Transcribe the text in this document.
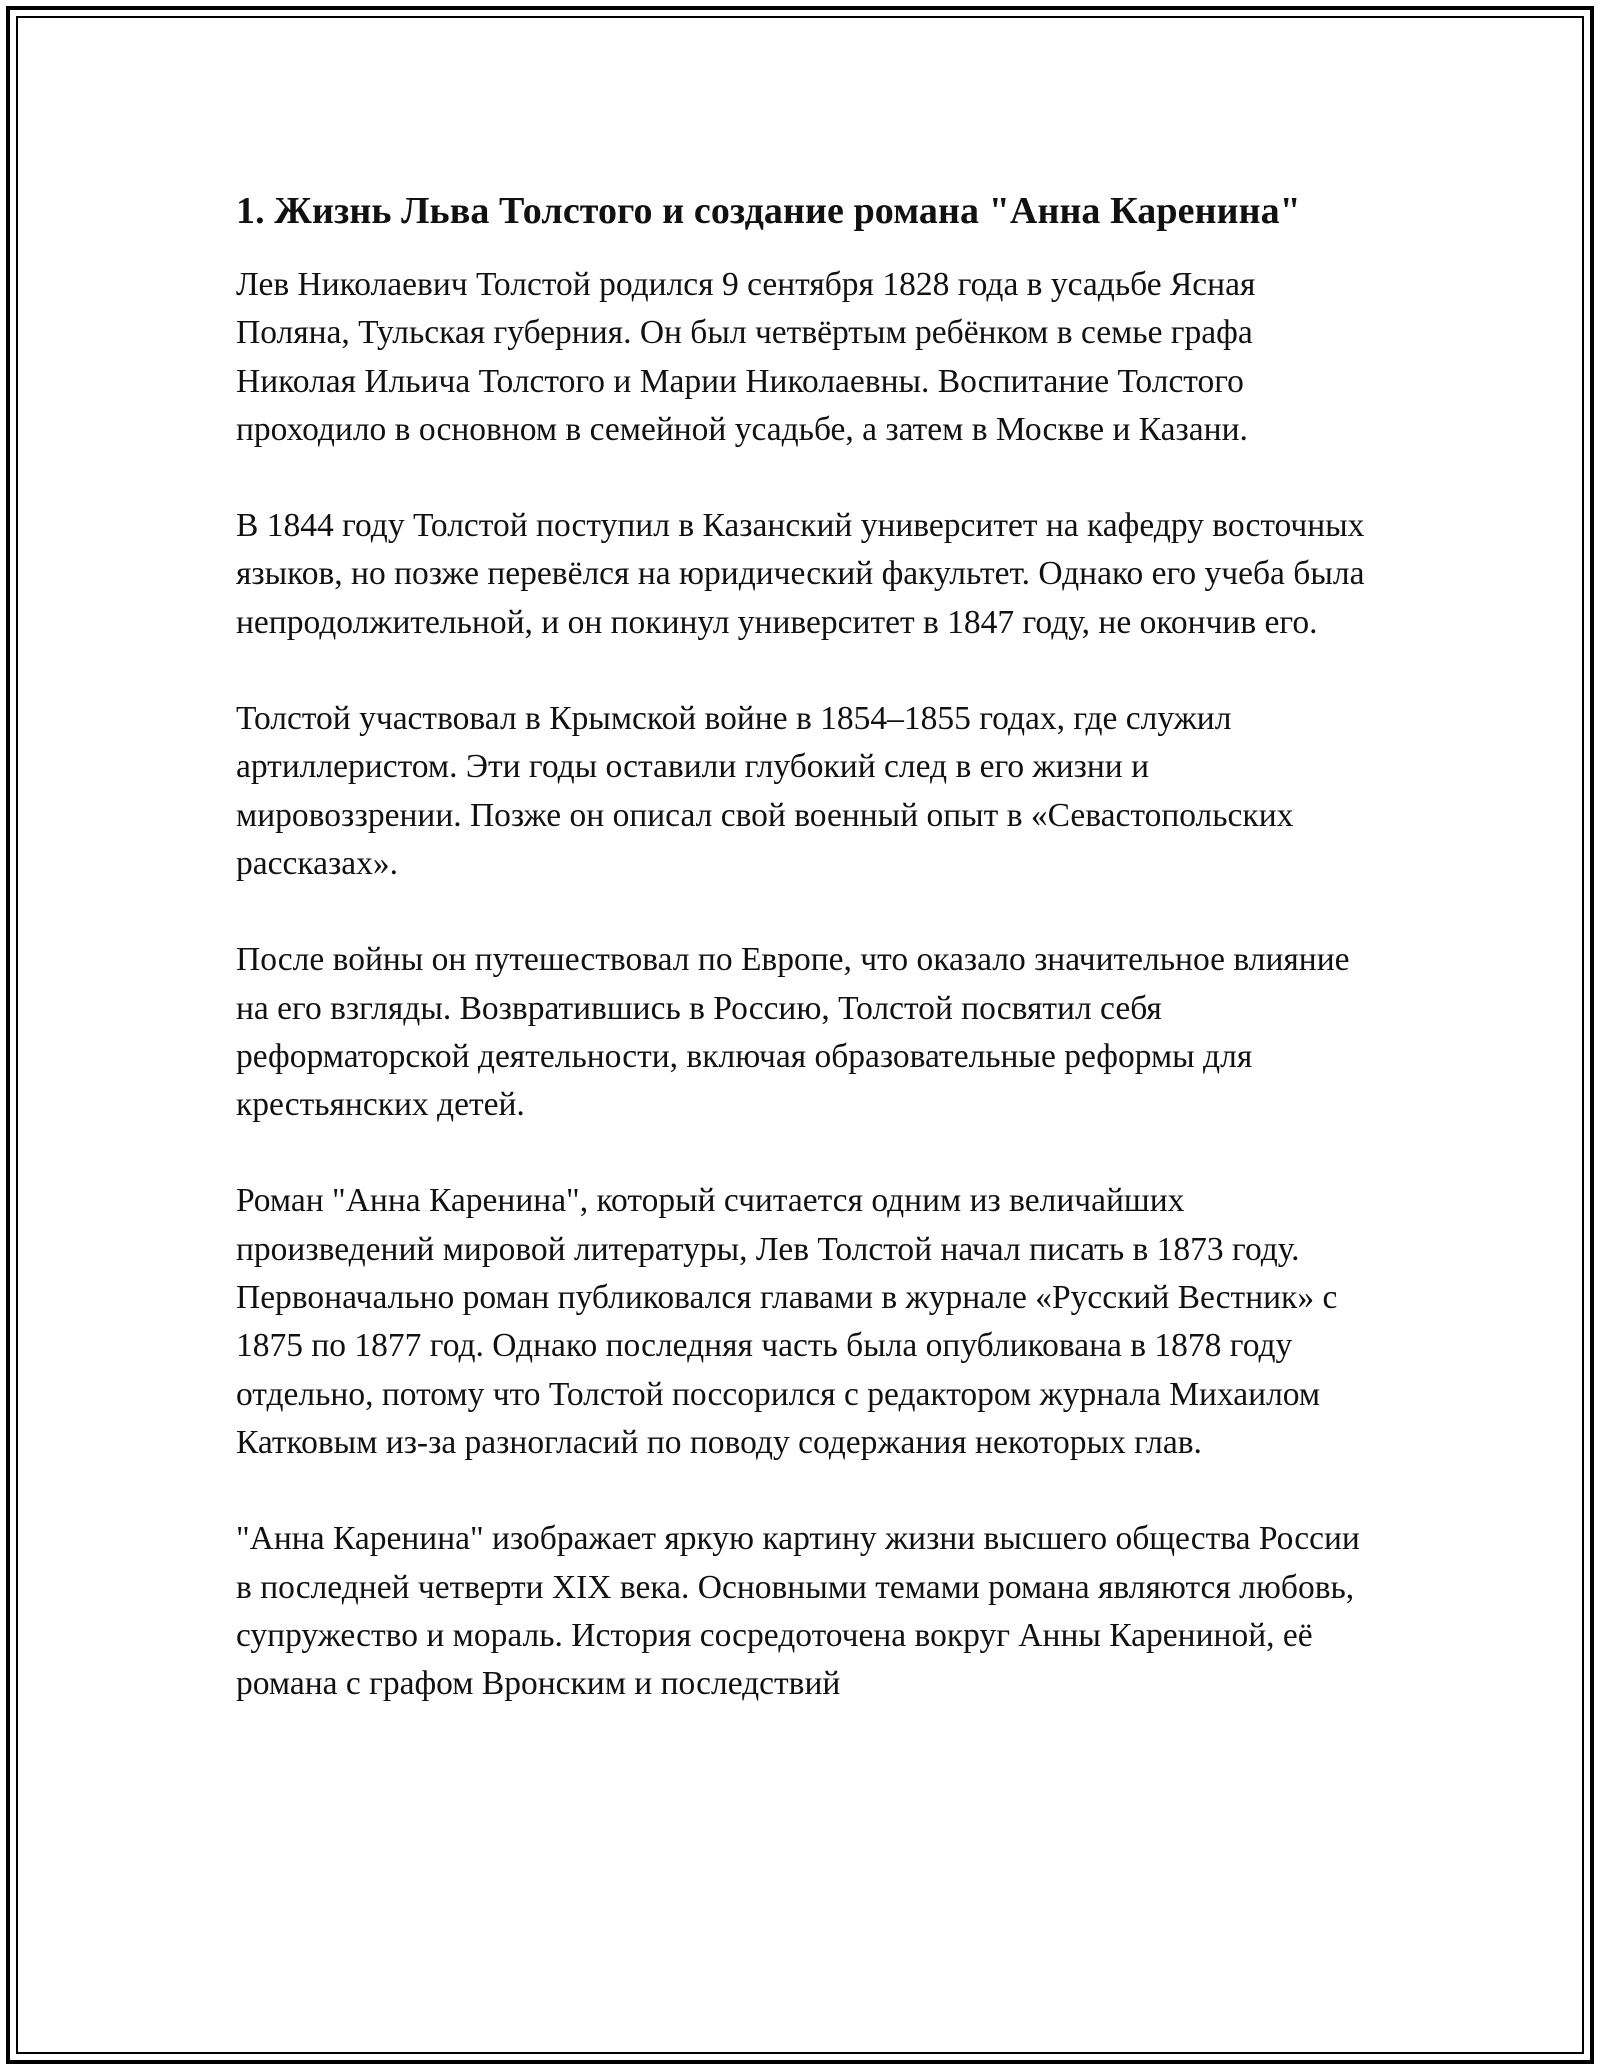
1. Жизнь Льва Толстого и создание романа "Анна Каренина"

Лев Николаевич Толстой родился 9 сентября 1828 года в усадьбе Ясная Поляна, Тульская губерния. Он был четвёртым ребёнком в семье графа Николая Ильича Толстого и Марии Николаевны. Воспитание Толстого проходило в основном в семейной усадьбе, а затем в Москве и Казани.

В 1844 году Толстой поступил в Казанский университет на кафедру восточных языков, но позже перевёлся на юридический факультет. Однако его учеба была непродолжительной, и он покинул университет в 1847 году, не окончив его.

Толстой участвовал в Крымской войне в 1854–1855 годах, где служил артиллеристом. Эти годы оставили глубокий след в его жизни и мировоззрении. Позже он описал свой военный опыт в «Севастопольских рассказах».

После войны он путешествовал по Европе, что оказало значительное влияние на его взгляды. Возвратившись в Россию, Толстой посвятил себя реформаторской деятельности, включая образовательные реформы для крестьянских детей.

Роман "Анна Каренина", который считается одним из величайших произведений мировой литературы, Лев Толстой начал писать в 1873 году. Первоначально роман публиковался главами в журнале «Русский Вестник» с 1875 по 1877 год. Однако последняя часть была опубликована в 1878 году отдельно, потому что Толстой поссорился с редактором журнала Михаилом Катковым из-за разногласий по поводу содержания некоторых глав.

"Анна Каренина" изображает яркую картину жизни высшего общества России в последней четверти XIX века. Основными темами романа являются любовь, супружество и мораль. История сосредоточена вокруг Анны Карениной, её романа с графом Вронским и последствий
